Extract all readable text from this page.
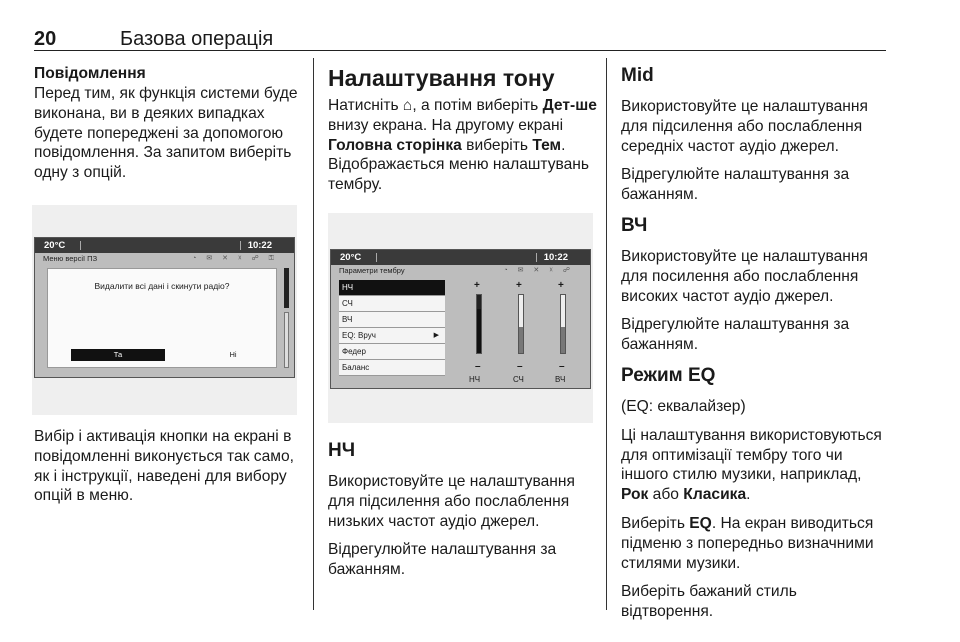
20	Базова операція
Повідомлення

Перед тим, як функція системи буде виконана, ви в деяких випадках будете попереджені за допомогою повідомлення. За запитом виберіть одну з опцій.

20°C	10:22
Меню версії ПЗ	◔ ✉ ✕ ☓ ☍ ⚿
Видалити всі дані і скинути радіо?
Та	Ні

Вибір і активація кнопки на екрані в повідомленні виконується так само, як і інструкції, наведені для вибору опцій в меню.

Налаштування тону

Натисніть ⌂, а потім виберіть Дет-ше внизу екрана. На другому екрані Головна сторінка виберіть Тем. Відображається меню налаштувань тембру.

20°C	10:22
Параметри тембру	◔ ✉ ✕ ☓ ☍
НЧ
СЧ
ВЧ
EQ: Вруч	▶
Федер
Баланс
+
–
+
–
+
–
НЧ	СЧ	ВЧ
НЧ

Використовуйте це налаштування для підсилення або послаблення низьких частот аудіо джерел.

Відрегулюйте налаштування за бажанням.

Mid

Використовуйте це налаштування для підсилення або послаблення середніх частот аудіо джерел.

Відрегулюйте налаштування за бажанням.

ВЧ

Використовуйте це налаштування для посилення або послаблення високих частот аудіо джерел.

Відрегулюйте налаштування за бажанням.

Режим EQ

(EQ: еквалайзер)

Ці налаштування використовуються для оптимізації тембру того чи іншого стилю музики, наприклад, Рок або Класика.

Виберіть EQ. На екран виводиться підменю з попередньо визначними стилями музики.

Виберіть бажаний стиль відтворення.
